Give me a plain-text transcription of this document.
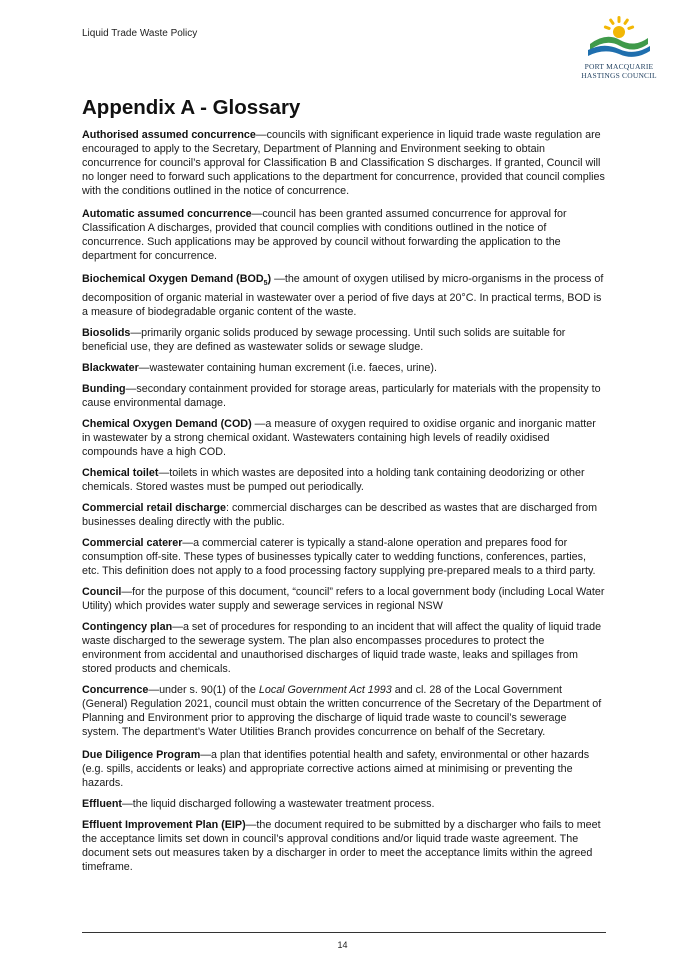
Liquid Trade Waste Policy
PORT MACQUARIE
HASTINGS COUNCIL
Appendix A - Glossary

Authorised assumed concurrence—councils with significant experience in liquid trade waste regulation are encouraged to apply to the Secretary, Department of Planning and Environment seeking to obtain concurrence for council’s approval for Classification B and Classification S discharges. If granted, Council will no longer need to forward such applications to the department for concurrence, provided that council complies with the conditions outlined in the notice of concurrence.

Automatic assumed concurrence—council has been granted assumed concurrence for approval for Classification A discharges, provided that council complies with conditions outlined in the notice of concurrence. Such applications may be approved by council without forwarding the application to the department for concurrence.

Biochemical Oxygen Demand $(BOD_5)$ —the amount of oxygen utilised by micro-organisms in the process of decomposition of organic material in wastewater over a period of five days at 20°C. In practical terms, BOD is a measure of biodegradable organic content of the waste.

Biosolids—primarily organic solids produced by sewage processing. Until such solids are suitable for beneficial use, they are defined as wastewater solids or sewage sludge.

Blackwater—wastewater containing human excrement (i.e. faeces, urine).

Bunding—secondary containment provided for storage areas, particularly for materials with the propensity to cause environmental damage.

Chemical Oxygen Demand (COD) —a measure of oxygen required to oxidise organic and inorganic matter in wastewater by a strong chemical oxidant. Wastewaters containing high levels of readily oxidised compounds have a high COD.

Chemical toilet—toilets in which wastes are deposited into a holding tank containing deodorizing or other chemicals. Stored wastes must be pumped out periodically.

Commercial retail discharge: commercial discharges can be described as wastes that are discharged from businesses dealing directly with the public.

Commercial caterer—a commercial caterer is typically a stand-alone operation and prepares food for consumption off-site. These types of businesses typically cater to wedding functions, conferences, parties, etc. This definition does not apply to a food processing factory supplying pre-prepared meals to a third party.

Council—for the purpose of this document, “council” refers to a local government body (including Local Water Utility) which provides water supply and sewerage services in regional NSW

Contingency plan—a set of procedures for responding to an incident that will affect the quality of liquid trade waste discharged to the sewerage system. The plan also encompasses procedures to protect the environment from accidental and unauthorised discharges of liquid trade waste, leaks and spillages from stored products and chemicals.

Concurrence—under s. 90(1) of the Local Government Act 1993 and cl. 28 of the Local Government (General) Regulation 2021, council must obtain the written concurrence of the Secretary of the Department of Planning and Environment prior to approving the discharge of liquid trade waste to council’s sewerage system. The department’s Water Utilities Branch provides concurrence on behalf of the Secretary.

Due Diligence Program—a plan that identifies potential health and safety, environmental or other hazards (e.g. spills, accidents or leaks) and appropriate corrective actions aimed at minimising or preventing the hazards.

Effluent—the liquid discharged following a wastewater treatment process.

Effluent Improvement Plan (EIP)—the document required to be submitted by a discharger who fails to meet the acceptance limits set down in council’s approval conditions and/or liquid trade waste agreement. The document sets out measures taken by a discharger in order to meet the acceptance limits within the agreed timeframe.

14
